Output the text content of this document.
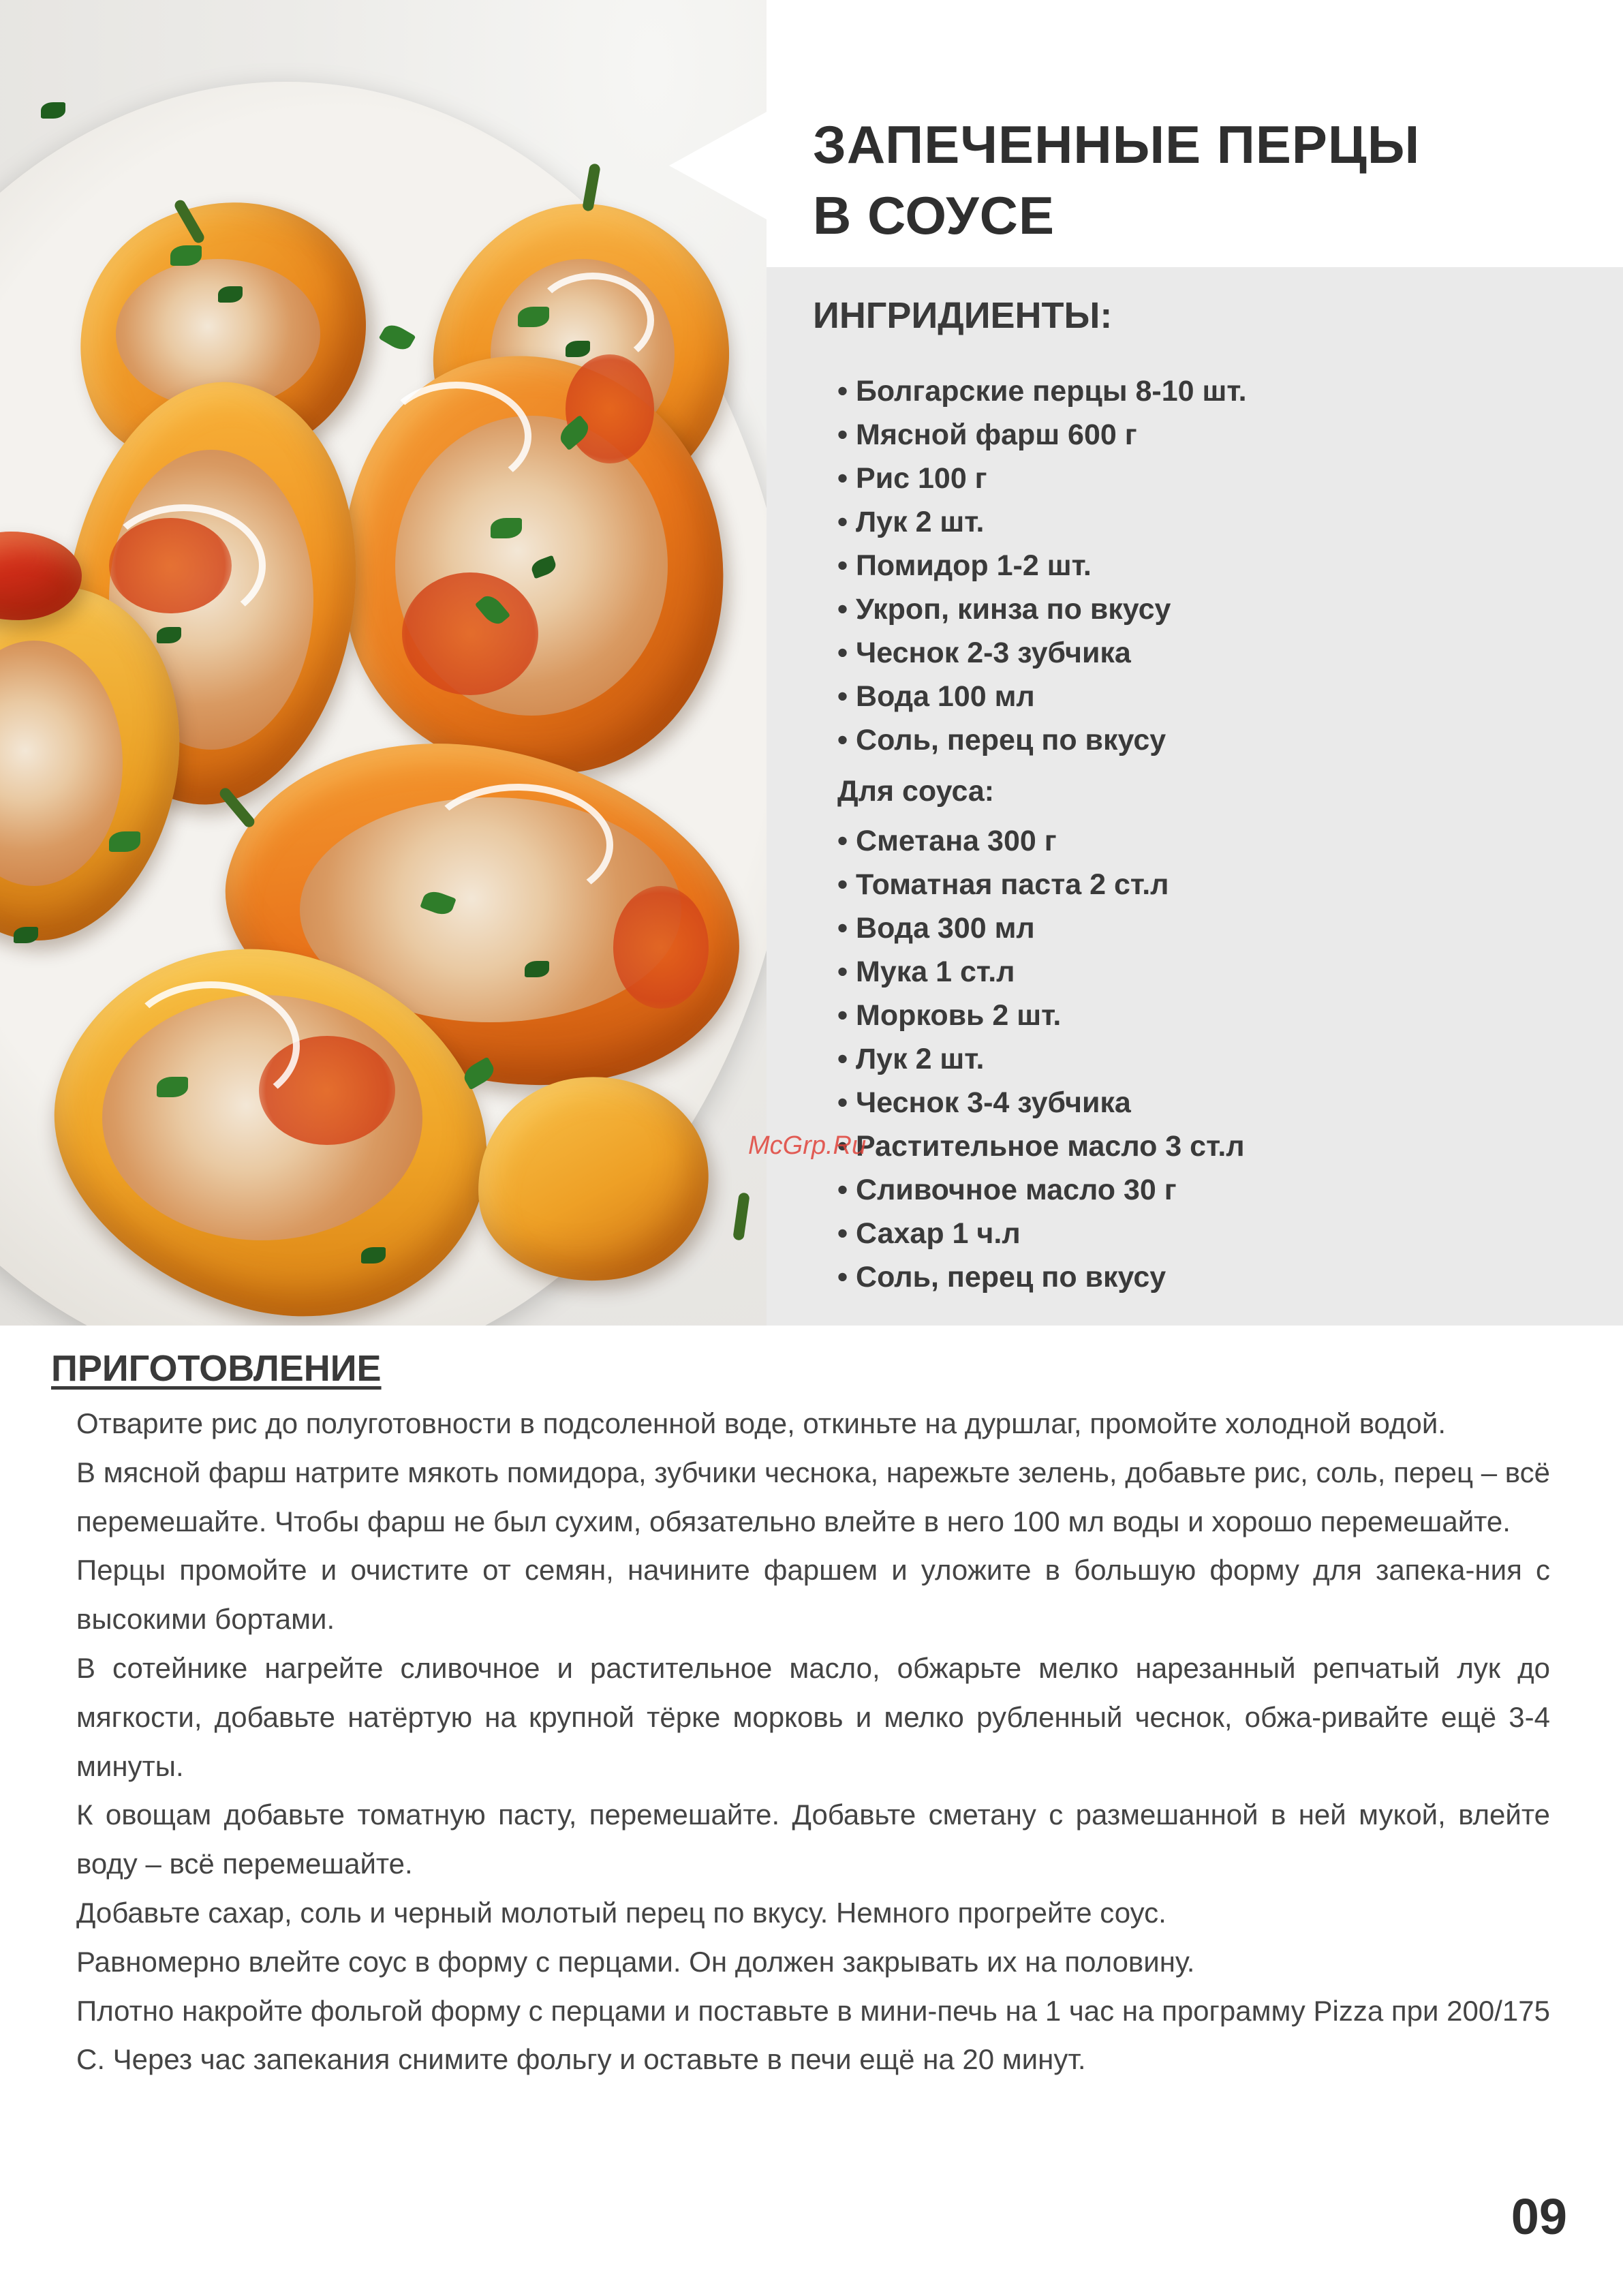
ЗАПЕЧЕННЫЕ ПЕРЦЫ
В СОУСЕ
ИНГРИДИЕНТЫ:
• Болгарские перцы 8-10 шт.
• Мясной фарш 600 г
• Рис 100 г
• Лук 2 шт.
• Помидор 1-2 шт.
• Укроп, кинза по вкусу
• Чеснок 2-3 зубчика
• Вода 100 мл
• Соль, перец по вкусу
Для соуса:
• Сметана 300 г
• Томатная паста 2 ст.л
• Вода 300 мл
• Мука 1 ст.л
• Морковь 2 шт.
• Лук 2 шт.
• Чеснок 3-4 зубчика
• Растительное масло 3 ст.л
• Сливочное масло 30 г
• Сахар 1 ч.л
• Соль, перец по вкусу
McGrp.Ru
ПРИГОТОВЛЕНИЕ

Отварите рис до полуготовности в подсоленной воде, откиньте на дуршлаг, промойте холодной водой.

В мясной фарш натрите мякоть помидора, зубчики чеснока, нарежьте зелень, добавьте рис, соль, перец – всё перемешайте. Чтобы фарш не был сухим, обязательно влейте в него 100 мл воды и хорошо перемешайте.

Перцы промойте и очистите от семян, начините фаршем и уложите в большую форму для запека-ния с высокими бортами.

В сотейнике нагрейте сливочное и растительное масло, обжарьте мелко нарезанный репчатый лук до мягкости, добавьте натёртую на крупной тёрке морковь и мелко рубленный чеснок, обжа-ривайте ещё 3-4 минуты.

К овощам добавьте томатную пасту, перемешайте. Добавьте сметану с размешанной в ней мукой, влейте воду – всё перемешайте.

Добавьте сахар, соль и черный молотый перец по вкусу. Немного прогрейте соус.

Равномерно влейте соус в форму с перцами. Он должен закрывать их на половину.

Плотно накройте фольгой форму с перцами и поставьте в мини-печь на 1 час на программу Pizza при 200/175 С. Через час запекания снимите фольгу и оставьте в печи ещё на 20 минут.

09
